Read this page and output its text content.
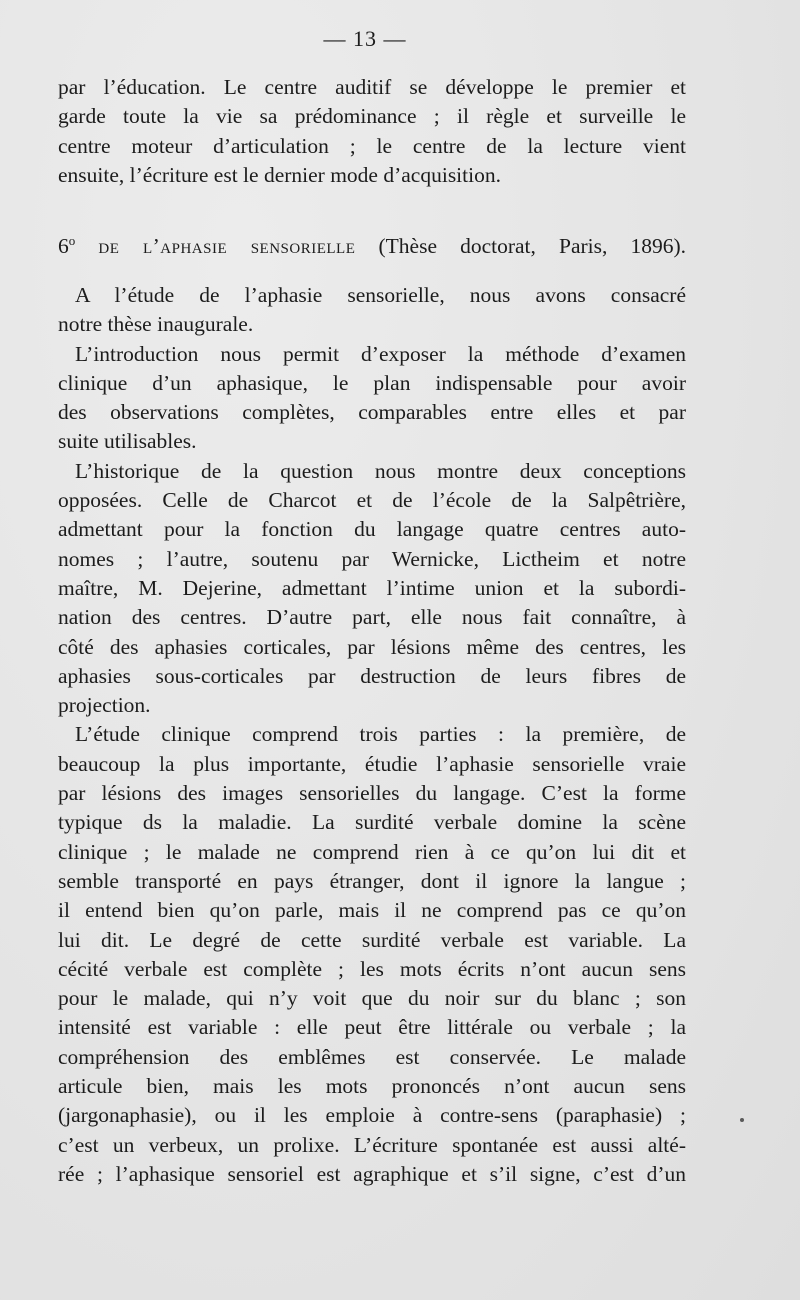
— 13 —
par l’éducation. Le centre auditif se développe le premier et
garde toute la vie sa prédominance ; il règle et surveille le
centre moteur d’articulation ; le centre de la lecture vient
ensuite, l’écriture est le dernier mode d’acquisition.
6$^o$ de l’aphasie sensorielle (Thèse doctorat, Paris, 1896).
A l’étude de l’aphasie sensorielle, nous avons consacré
notre thèse inaugurale.
L’introduction nous permit d’exposer la méthode d’examen
clinique d’un aphasique, le plan indispensable pour avoir
des observations complètes, comparables entre elles et par
suite utilisables.
L’historique de la question nous montre deux conceptions
opposées. Celle de Charcot et de l’école de la Salpêtrière,
admettant pour la fonction du langage quatre centres auto-
nomes ; l’autre, soutenu par Wernicke, Lictheim et notre
maître, M. Dejerine, admettant l’intime union et la subordi-
nation des centres. D’autre part, elle nous fait connaître, à
côté des aphasies corticales, par lésions même des centres, les
aphasies sous-corticales par destruction de leurs fibres de
projection.
L’étude clinique comprend trois parties : la première, de
beaucoup la plus importante, étudie l’aphasie sensorielle vraie
par lésions des images sensorielles du langage. C’est la forme
typique ds la maladie. La surdité verbale domine la scène
clinique ; le malade ne comprend rien à ce qu’on lui dit et
semble transporté en pays étranger, dont il ignore la langue ;
il entend bien qu’on parle, mais il ne comprend pas ce qu’on
lui dit. Le degré de cette surdité verbale est variable. La
cécité verbale est complète ; les mots écrits n’ont aucun sens
pour le malade, qui n’y voit que du noir sur du blanc ; son
intensité est variable : elle peut être littérale ou verbale ; la
compréhension des emblêmes est conservée. Le malade
articule bien, mais les mots prononcés n’ont aucun sens
(jargonaphasie), ou il les emploie à contre-sens (paraphasie) ;
c’est un verbeux, un prolixe. L’écriture spontanée est aussi alté-
rée ; l’aphasique sensoriel est agraphique et s’il signe, c’est d’un
